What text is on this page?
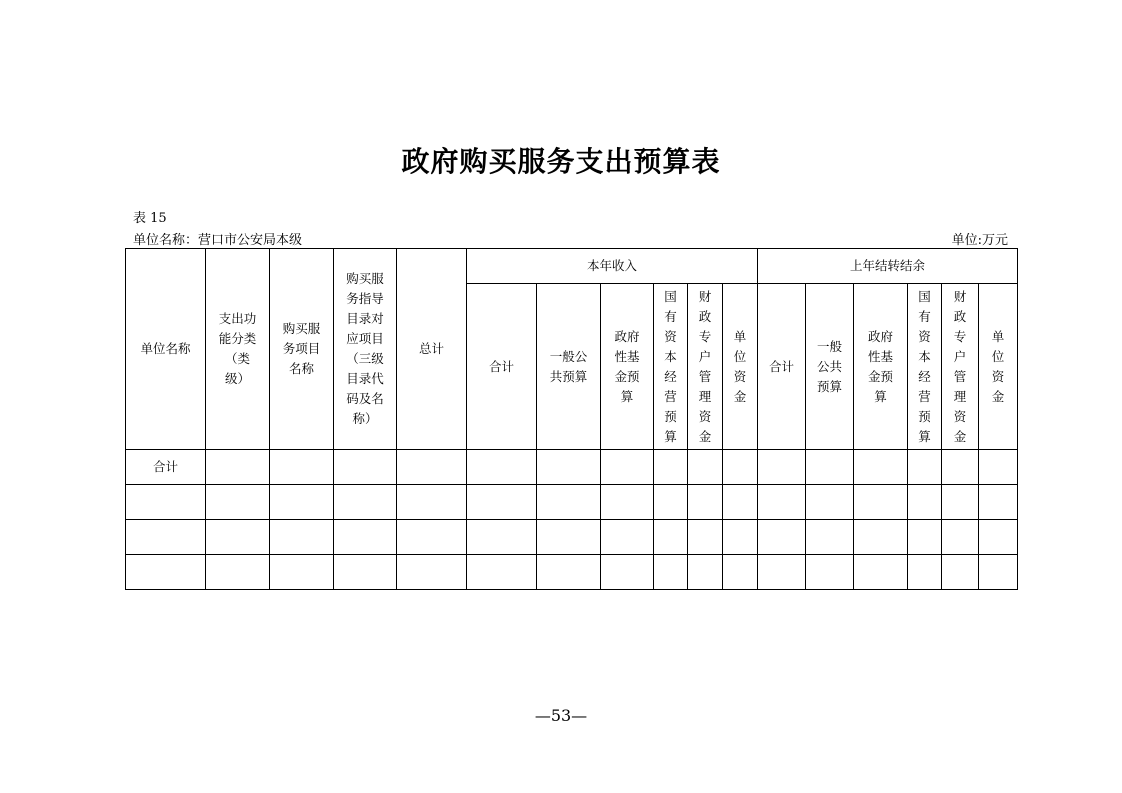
政府购买服务支出预算表
表 15
单位名称：营口市公安局本级	单位:万元
单位名称	支出功能分类（类级）	购买服务项目名称	购买服务指导目录对应项目（三级目录代码及名称）	总计	本年收入						上年结转结余					
					合计	一般公共预算	政府性基金预算	国有资本经营预算	财政专户管理资金	单位资金	合计	一般公共预算	政府性基金预算	国有资本经营预算	财政专户管理资金	单位资金
合计																

—53—
